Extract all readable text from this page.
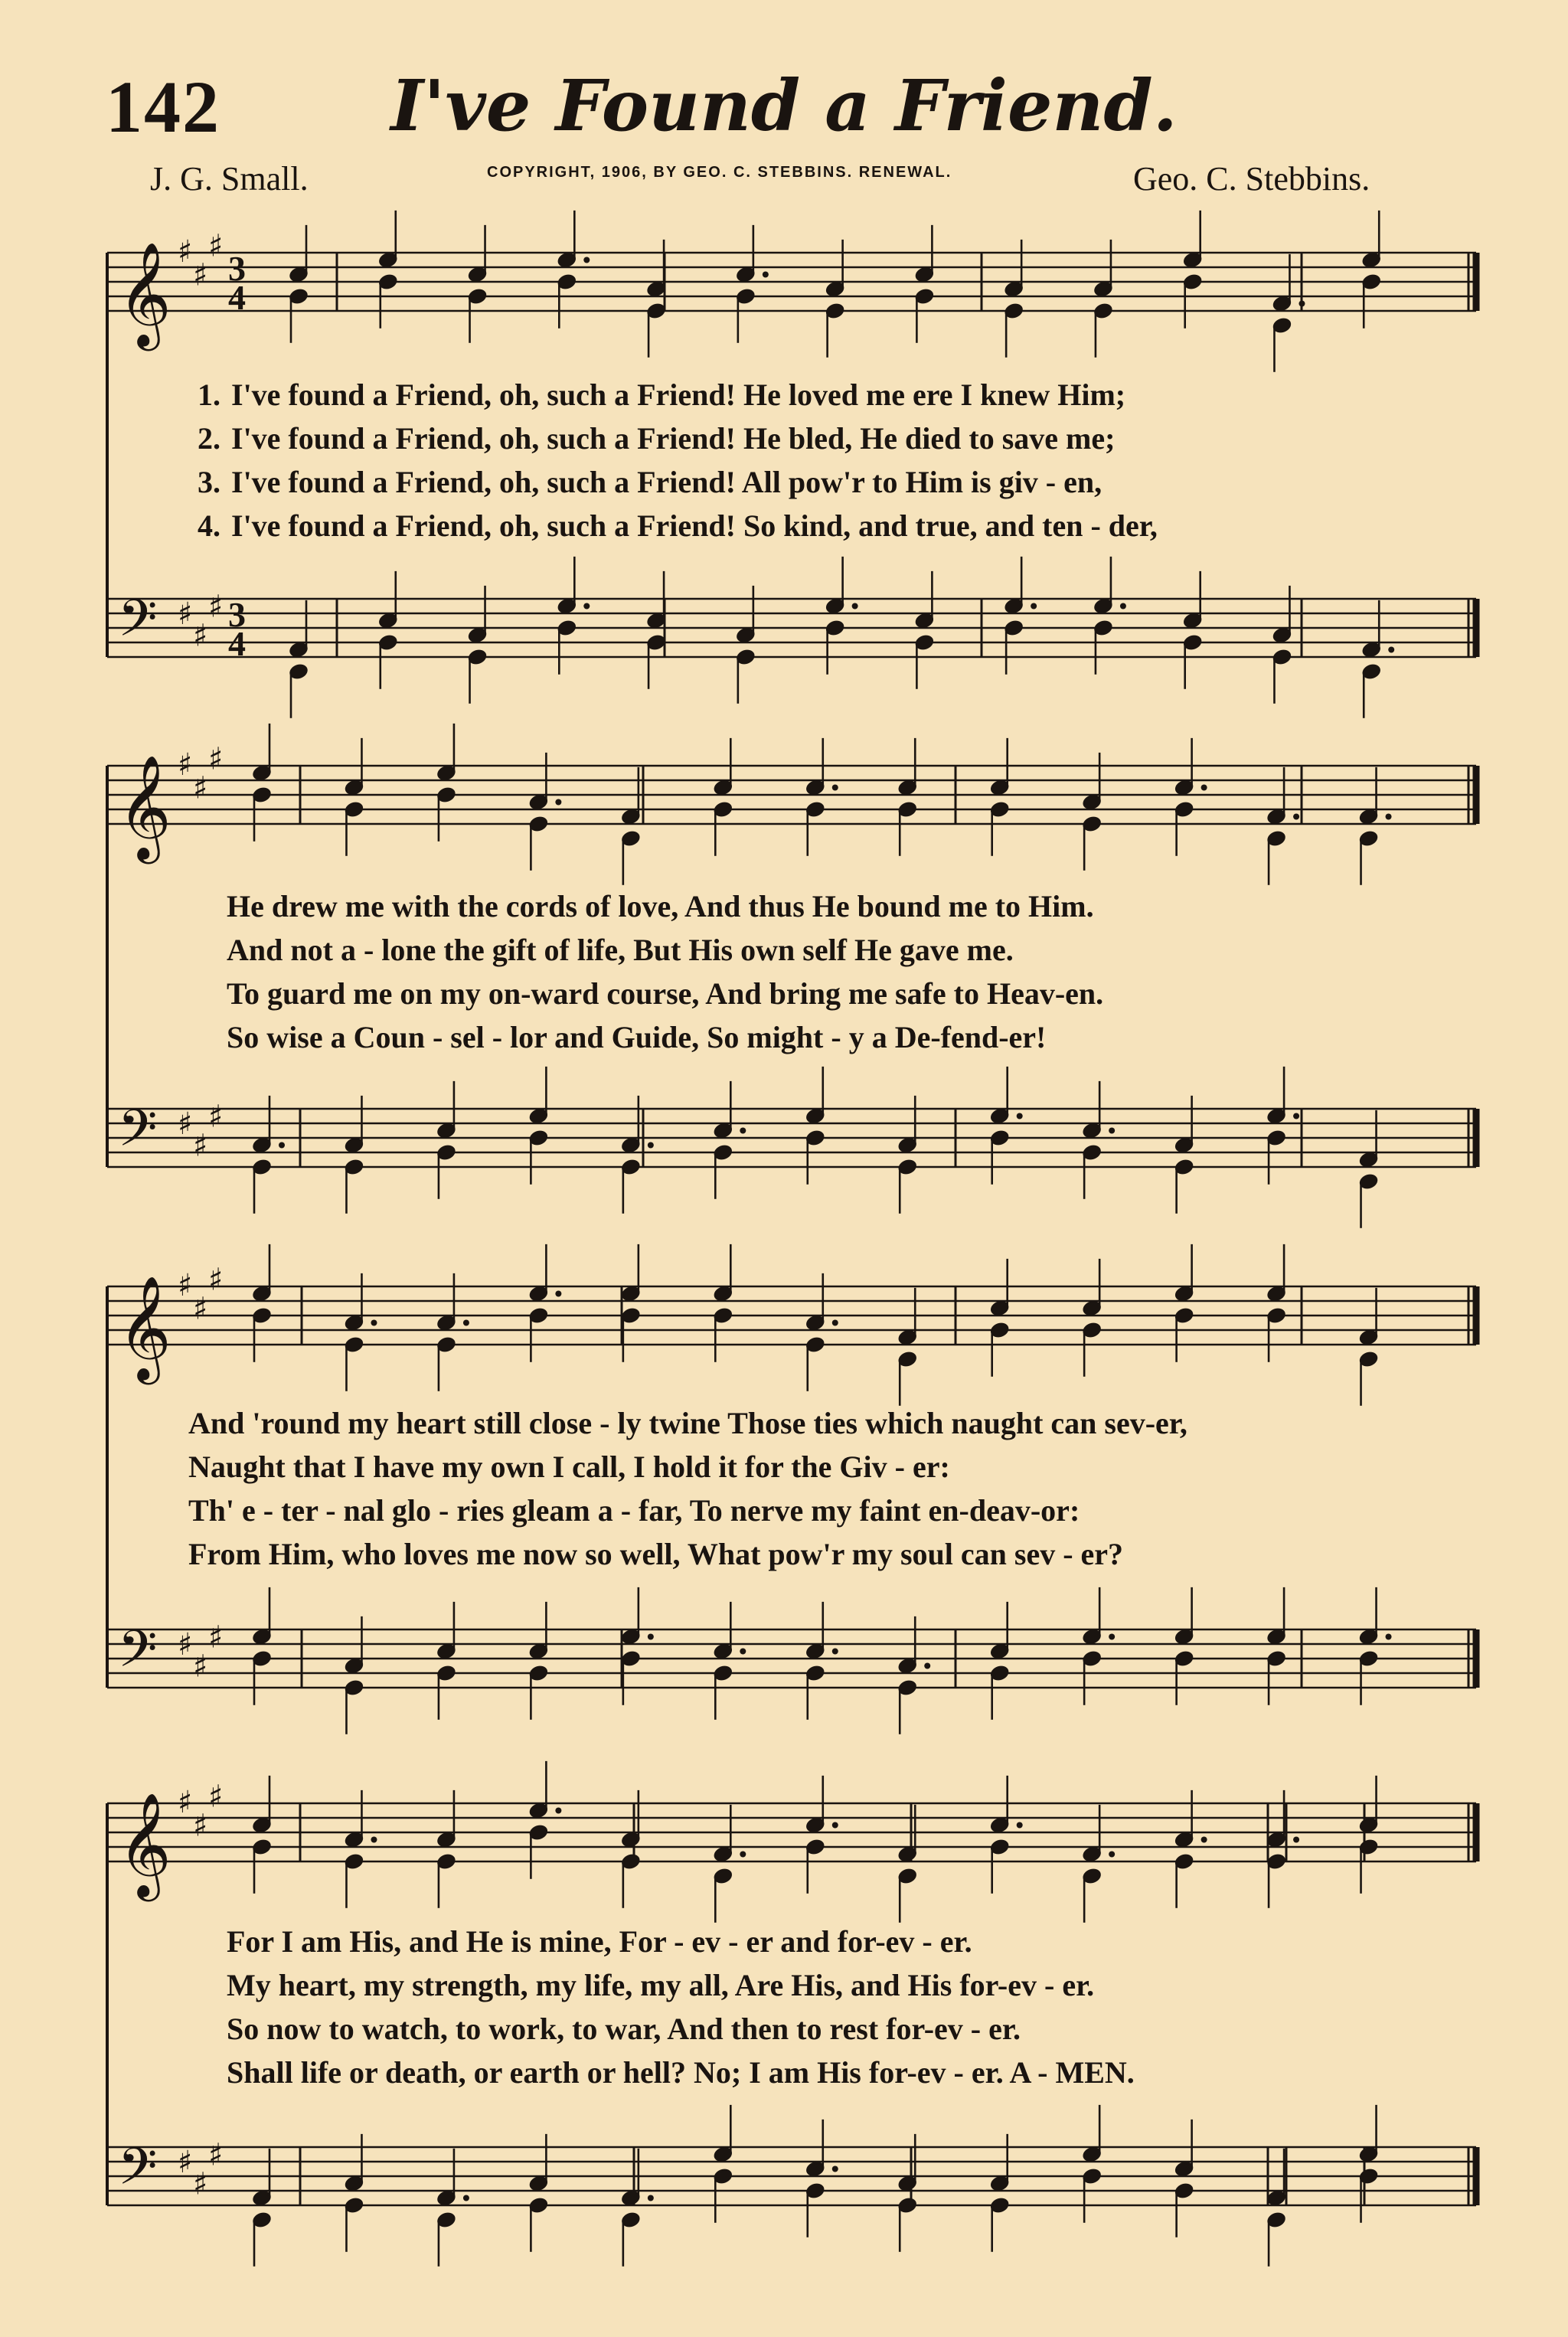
142	I've Found a Friend.
J. G. Small.	COPYRIGHT, 1906, BY GEO. C. STEBBINS. RENEWAL.	Geo. C. Stebbins.
𝄞 ♯
♯
♯
3
4
𝄢 ♯
♯
♯ 3
4
𝄞 ♯
♯
♯
𝄢 ♯
♯
♯
𝄞 ♯
♯
♯
𝄢 ♯
♯
♯
𝄞 ♯
♯
♯
𝄢 ♯
♯
♯
1. I've found a Friend, oh, such a Friend! He loved me ere I knew Him;
2. I've found a Friend, oh, such a Friend! He bled, He died to save me;
3. I've found a Friend, oh, such a Friend! All pow'r to Him is giv - en,
4. I've found a Friend, oh, such a Friend! So kind, and true, and ten - der,
He drew me with the cords of love, And thus He bound me to Him.
And not a - lone the gift of life, But His own self He gave me.
To guard me on my on-ward course, And bring me safe to Heav-en.
So wise a Coun - sel - lor and Guide, So might - y a De-fend-er!
And 'round my heart still close - ly twine Those ties which naught can sev-er,
Naught that I have my own I call, I hold it for the Giv - er:
Th' e - ter - nal glo - ries gleam a - far, To nerve my faint en-deav-or:
From Him, who loves me now so well, What pow'r my soul can sev - er?
For I am His, and He is mine, For - ev - er and for-ev - er.
My heart, my strength, my life, my all, Are His, and His for-ev - er.
So now to watch, to work, to war, And then to rest for-ev - er.
Shall life or death, or earth or hell? No; I am His for-ev - er. A - MEN.
